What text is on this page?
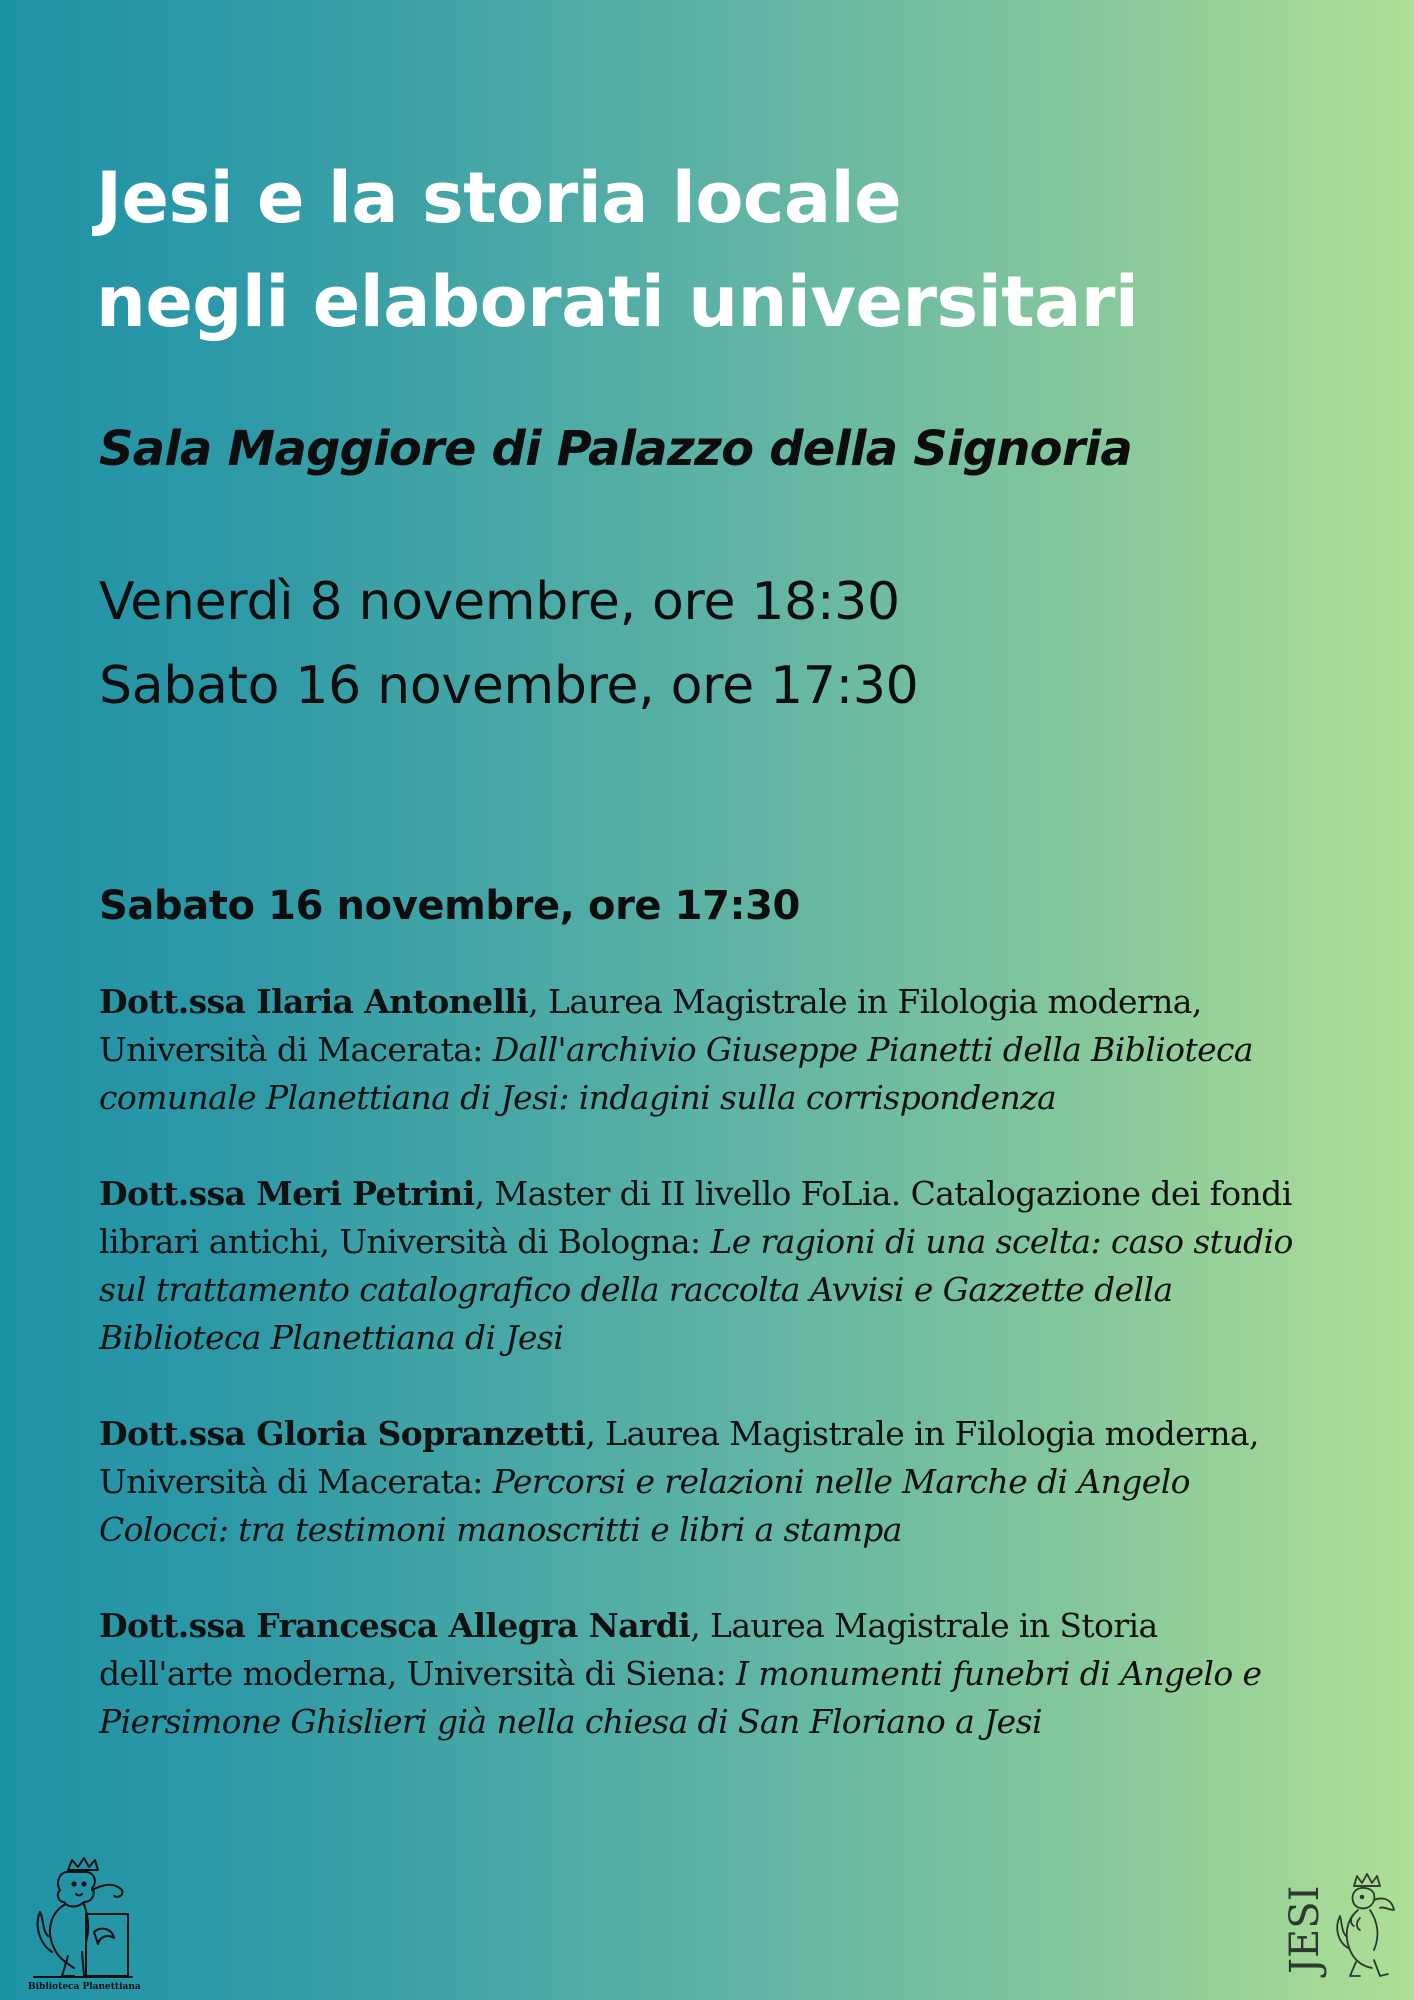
Jesi e la storia locale
negli elaborati universitari
Sala Maggiore di Palazzo della Signoria
Venerdì 8 novembre, ore 18:30
Sabato 16 novembre, ore 17:30
Sabato 16 novembre, ore 17:30

Dott.ssa Ilaria Antonelli, Laurea Magistrale in Filologia moderna, Università di Macerata: Dall'archivio Giuseppe Pianetti della Biblioteca comunale Planettiana di Jesi: indagini sulla corrispondenza

Dott.ssa Meri Petrini, Master di II livello FoLia. Catalogazione dei fondi librari antichi, Università di Bologna: Le ragioni di una scelta: caso studio sul trattamento catalografico della raccolta Avvisi e Gazzette della Biblioteca Planettiana di Jesi

Dott.ssa Gloria Sopranzetti, Laurea Magistrale in Filologia moderna, Università di Macerata: Percorsi e relazioni nelle Marche di Angelo Colocci: tra testimoni manoscritti e libri a stampa

Dott.ssa Francesca Allegra Nardi, Laurea Magistrale in Storia dell'arte moderna, Università di Siena: I monumenti funebri di Angelo e Piersimone Ghislieri già nella chiesa di San Floriano a Jesi

Biblioteca Planettiana
JESI
